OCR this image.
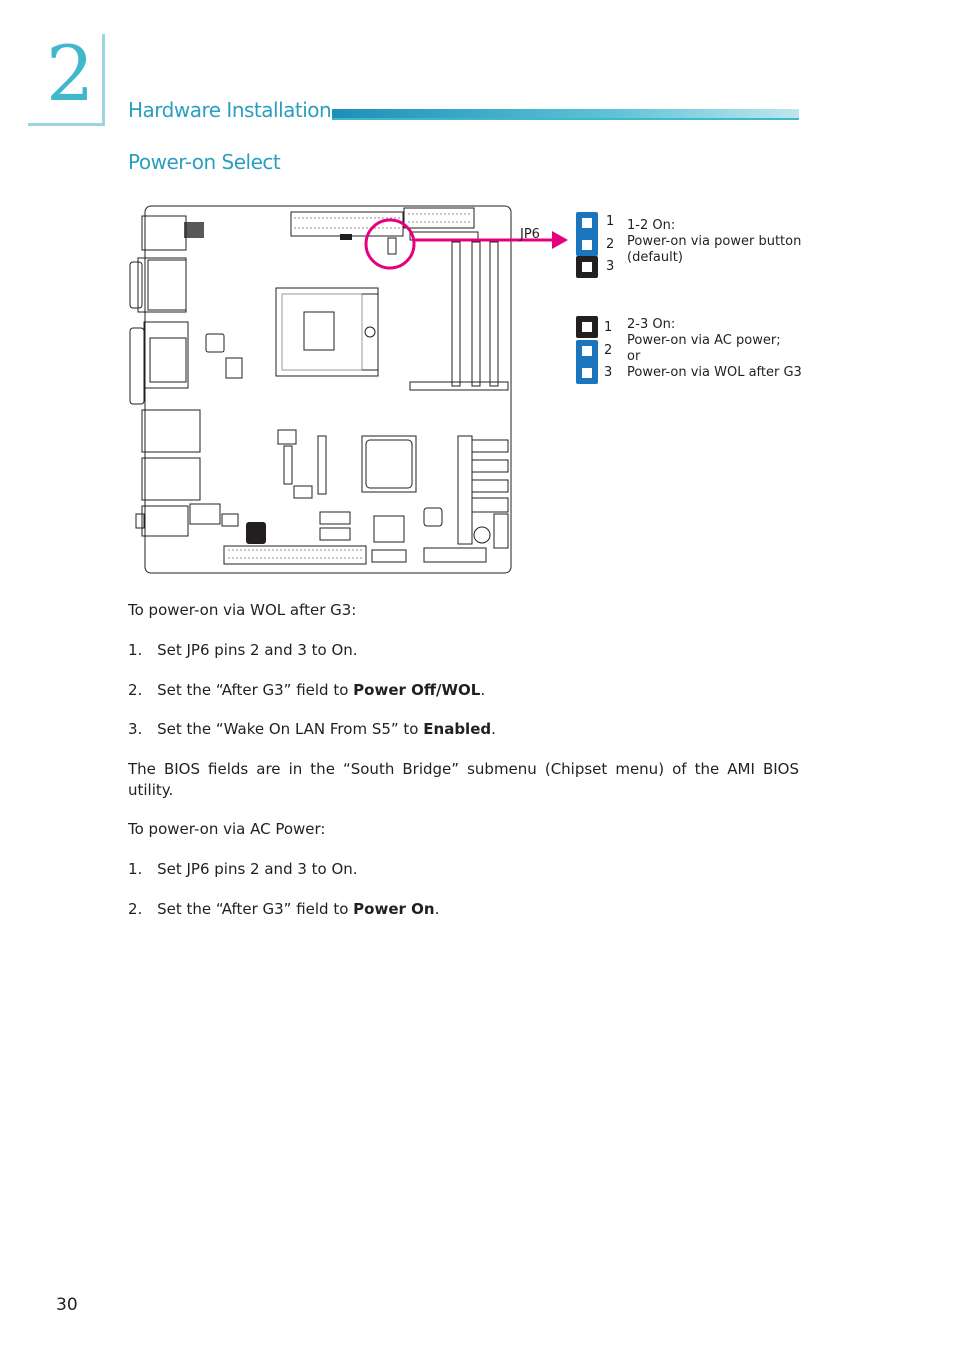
2 Hardware Installation
Power-on Select
JP6
1
2
3
1-2 On:
Power-on via power button
(default)
1
2
3
2-3 On:
Power-on via AC power;
or
Power-on via WOL after G3
To power-on via WOL after G3:
1. Set JP6 pins 2 and 3 to On.
2. Set the “After G3” field to Power Off/WOL.
3. Set the “Wake On LAN From S5” to Enabled.
The BIOS fields are in the “South Bridge” submenu (Chipset menu) of the AMI BIOS utility.
To power-on via AC Power:
1. Set JP6 pins 2 and 3 to On.
2. Set the “After G3” field to Power On.
30
